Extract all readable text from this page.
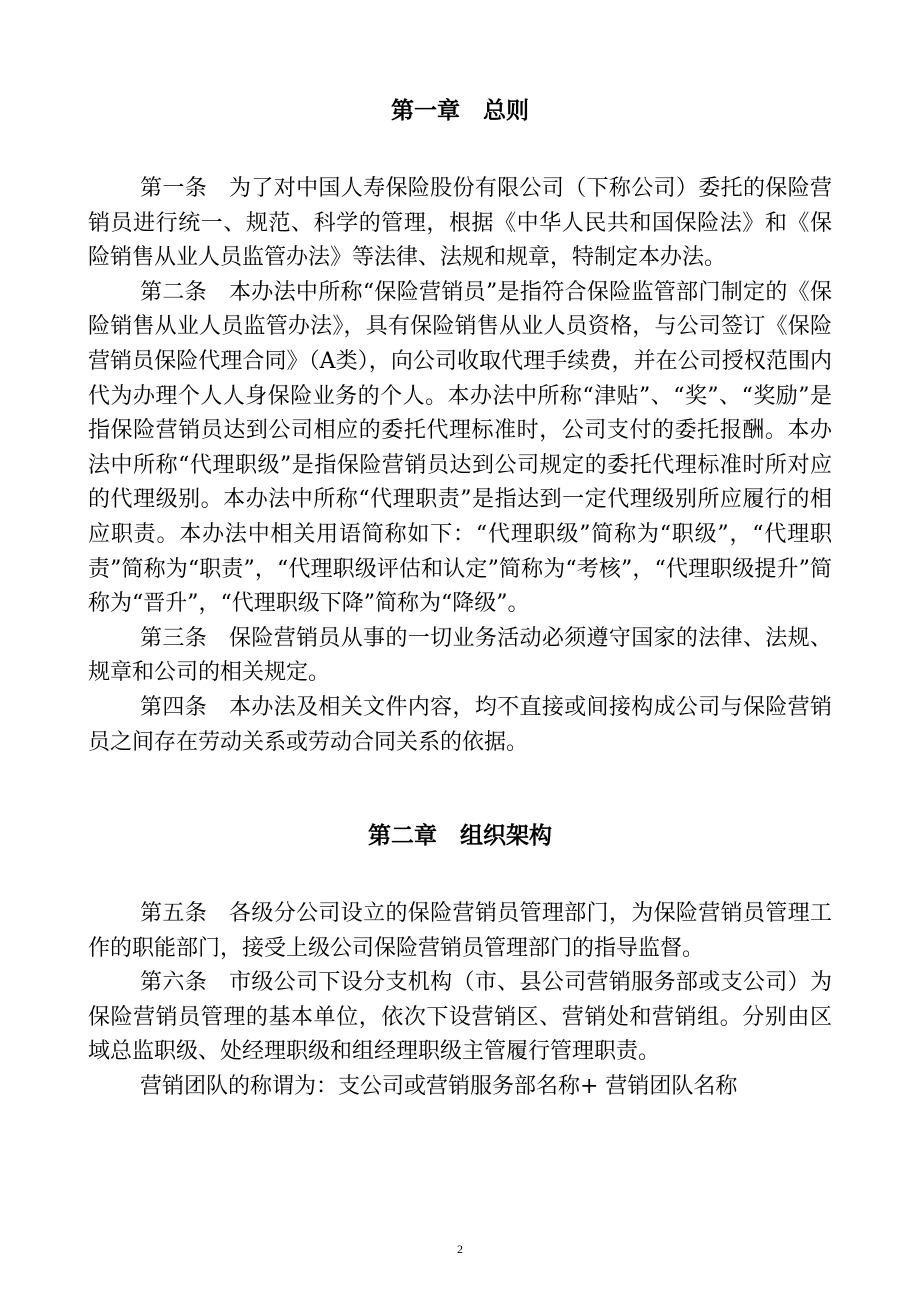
第一章　总则

第一条 为了对中国人寿保险股份有限公司（下称公司）委托的保险营销员进行统一、规范、科学的管理，根据《中华人民共和国保险法》和《保险销售从业人员监管办法》等法律、法规和规章，特制定本办法。

第二条 本办法中所称“保险营销员”是指符合保险监管部门制定的《保险销售从业人员监管办法》，具有保险销售从业人员资格，与公司签订《保险营销员保险代理合同》（A类），向公司收取代理手续费，并在公司授权范围内代为办理个人人身保险业务的个人。本办法中所称“津贴”、“奖”、“奖励”是指保险营销员达到公司相应的委托代理标准时，公司支付的委托报酬。本办法中所称“代理职级”是指保险营销员达到公司规定的委托代理标准时所对应的代理级别。本办法中所称“代理职责”是指达到一定代理级别所应履行的相应职责。本办法中相关用语简称如下：“代理职级”简称为“职级”，“代理职责”简称为“职责”，“代理职级评估和认定”简称为“考核”，“代理职级提升”简称为“晋升”，“代理职级下降”简称为“降级”。

第三条 保险营销员从事的一切业务活动必须遵守国家的法律、法规、规章和公司的相关规定。

第四条 本办法及相关文件内容，均不直接或间接构成公司与保险营销员之间存在劳动关系或劳动合同关系的依据。

第二章　组织架构

第五条 各级分公司设立的保险营销员管理部门，为保险营销员管理工作的职能部门，接受上级公司保险营销员管理部门的指导监督。

第六条 市级公司下设分支机构（市、县公司营销服务部或支公司）为保险营销员管理的基本单位，依次下设营销区、营销处和营销组。分别由区域总监职级、处经理职级和组经理职级主管履行管理职责。

营销团队的称谓为：支公司或营销服务部名称+ 营销团队名称

2
